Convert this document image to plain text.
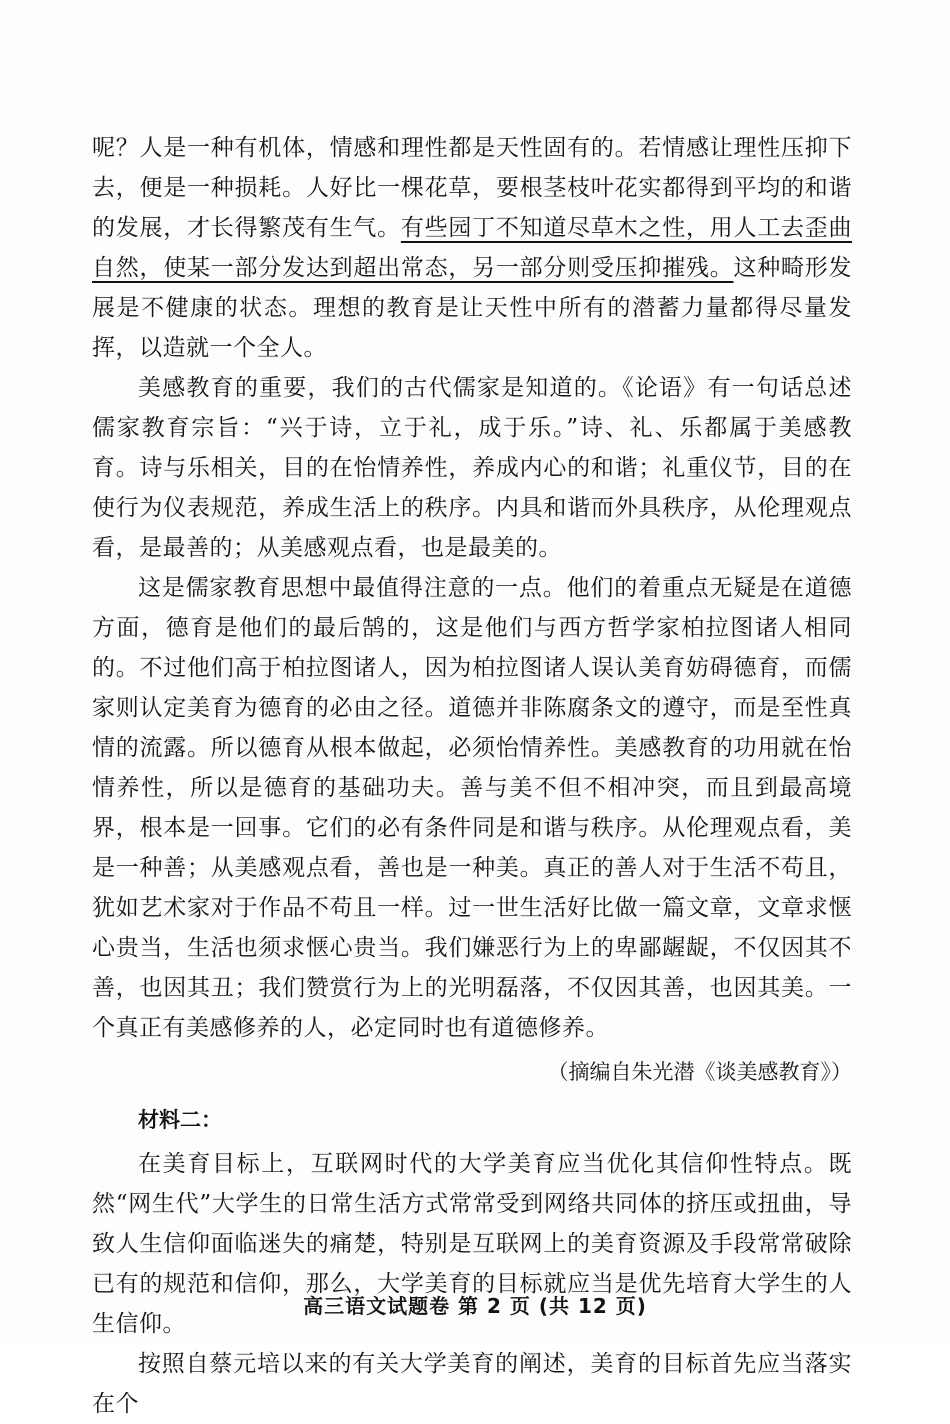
呢？人是一种有机体，情感和理性都是天性固有的。若情感让理性压抑下去，便是一种损耗。人好比一棵花草，要根茎枝叶花实都得到平均的和谐的发展，才长得繁茂有生气。有些园丁不知道尽草木之性，用人工去歪曲自然，使某一部分发达到超出常态，另一部分则受压抑摧残。这种畸形发展是不健康的状态。理想的教育是让天性中所有的潜蓄力量都得尽量发挥，以造就一个全人。

美感教育的重要，我们的古代儒家是知道的。《论语》有一句话总述儒家教育宗旨：“兴于诗，立于礼，成于乐。”诗、礼、乐都属于美感教育。诗与乐相关，目的在怡情养性，养成内心的和谐；礼重仪节，目的在使行为仪表规范，养成生活上的秩序。内具和谐而外具秩序，从伦理观点看，是最善的；从美感观点看，也是最美的。

这是儒家教育思想中最值得注意的一点。他们的着重点无疑是在道德方面，德育是他们的最后鹄的，这是他们与西方哲学家柏拉图诸人相同的。不过他们高于柏拉图诸人，因为柏拉图诸人误认美育妨碍德育，而儒家则认定美育为德育的必由之径。道德并非陈腐条文的遵守，而是至性真情的流露。所以德育从根本做起，必须怡情养性。美感教育的功用就在怡情养性，所以是德育的基础功夫。善与美不但不相冲突，而且到最高境界，根本是一回事。它们的必有条件同是和谐与秩序。从伦理观点看，美是一种善；从美感观点看，善也是一种美。真正的善人对于生活不苟且，犹如艺术家对于作品不苟且一样。过一世生活好比做一篇文章，文章求惬心贵当，生活也须求惬心贵当。我们嫌恶行为上的卑鄙龌龊，不仅因其不善，也因其丑；我们赞赏行为上的光明磊落，不仅因其善，也因其美。一个真正有美感修养的人，必定同时也有道德修养。

（摘编自朱光潜《谈美感教育》）

材料二：

在美育目标上，互联网时代的大学美育应当优化其信仰性特点。既然“网生代”大学生的日常生活方式常常受到网络共同体的挤压或扭曲，导致人生信仰面临迷失的痛楚，特别是互联网上的美育资源及手段常常破除已有的规范和信仰，那么，大学美育的目标就应当是优先培育大学生的人生信仰。

按照自蔡元培以来的有关大学美育的阐述，美育的目标首先应当落实在个

高三语文试题卷 第 2 页 (共 12 页)
